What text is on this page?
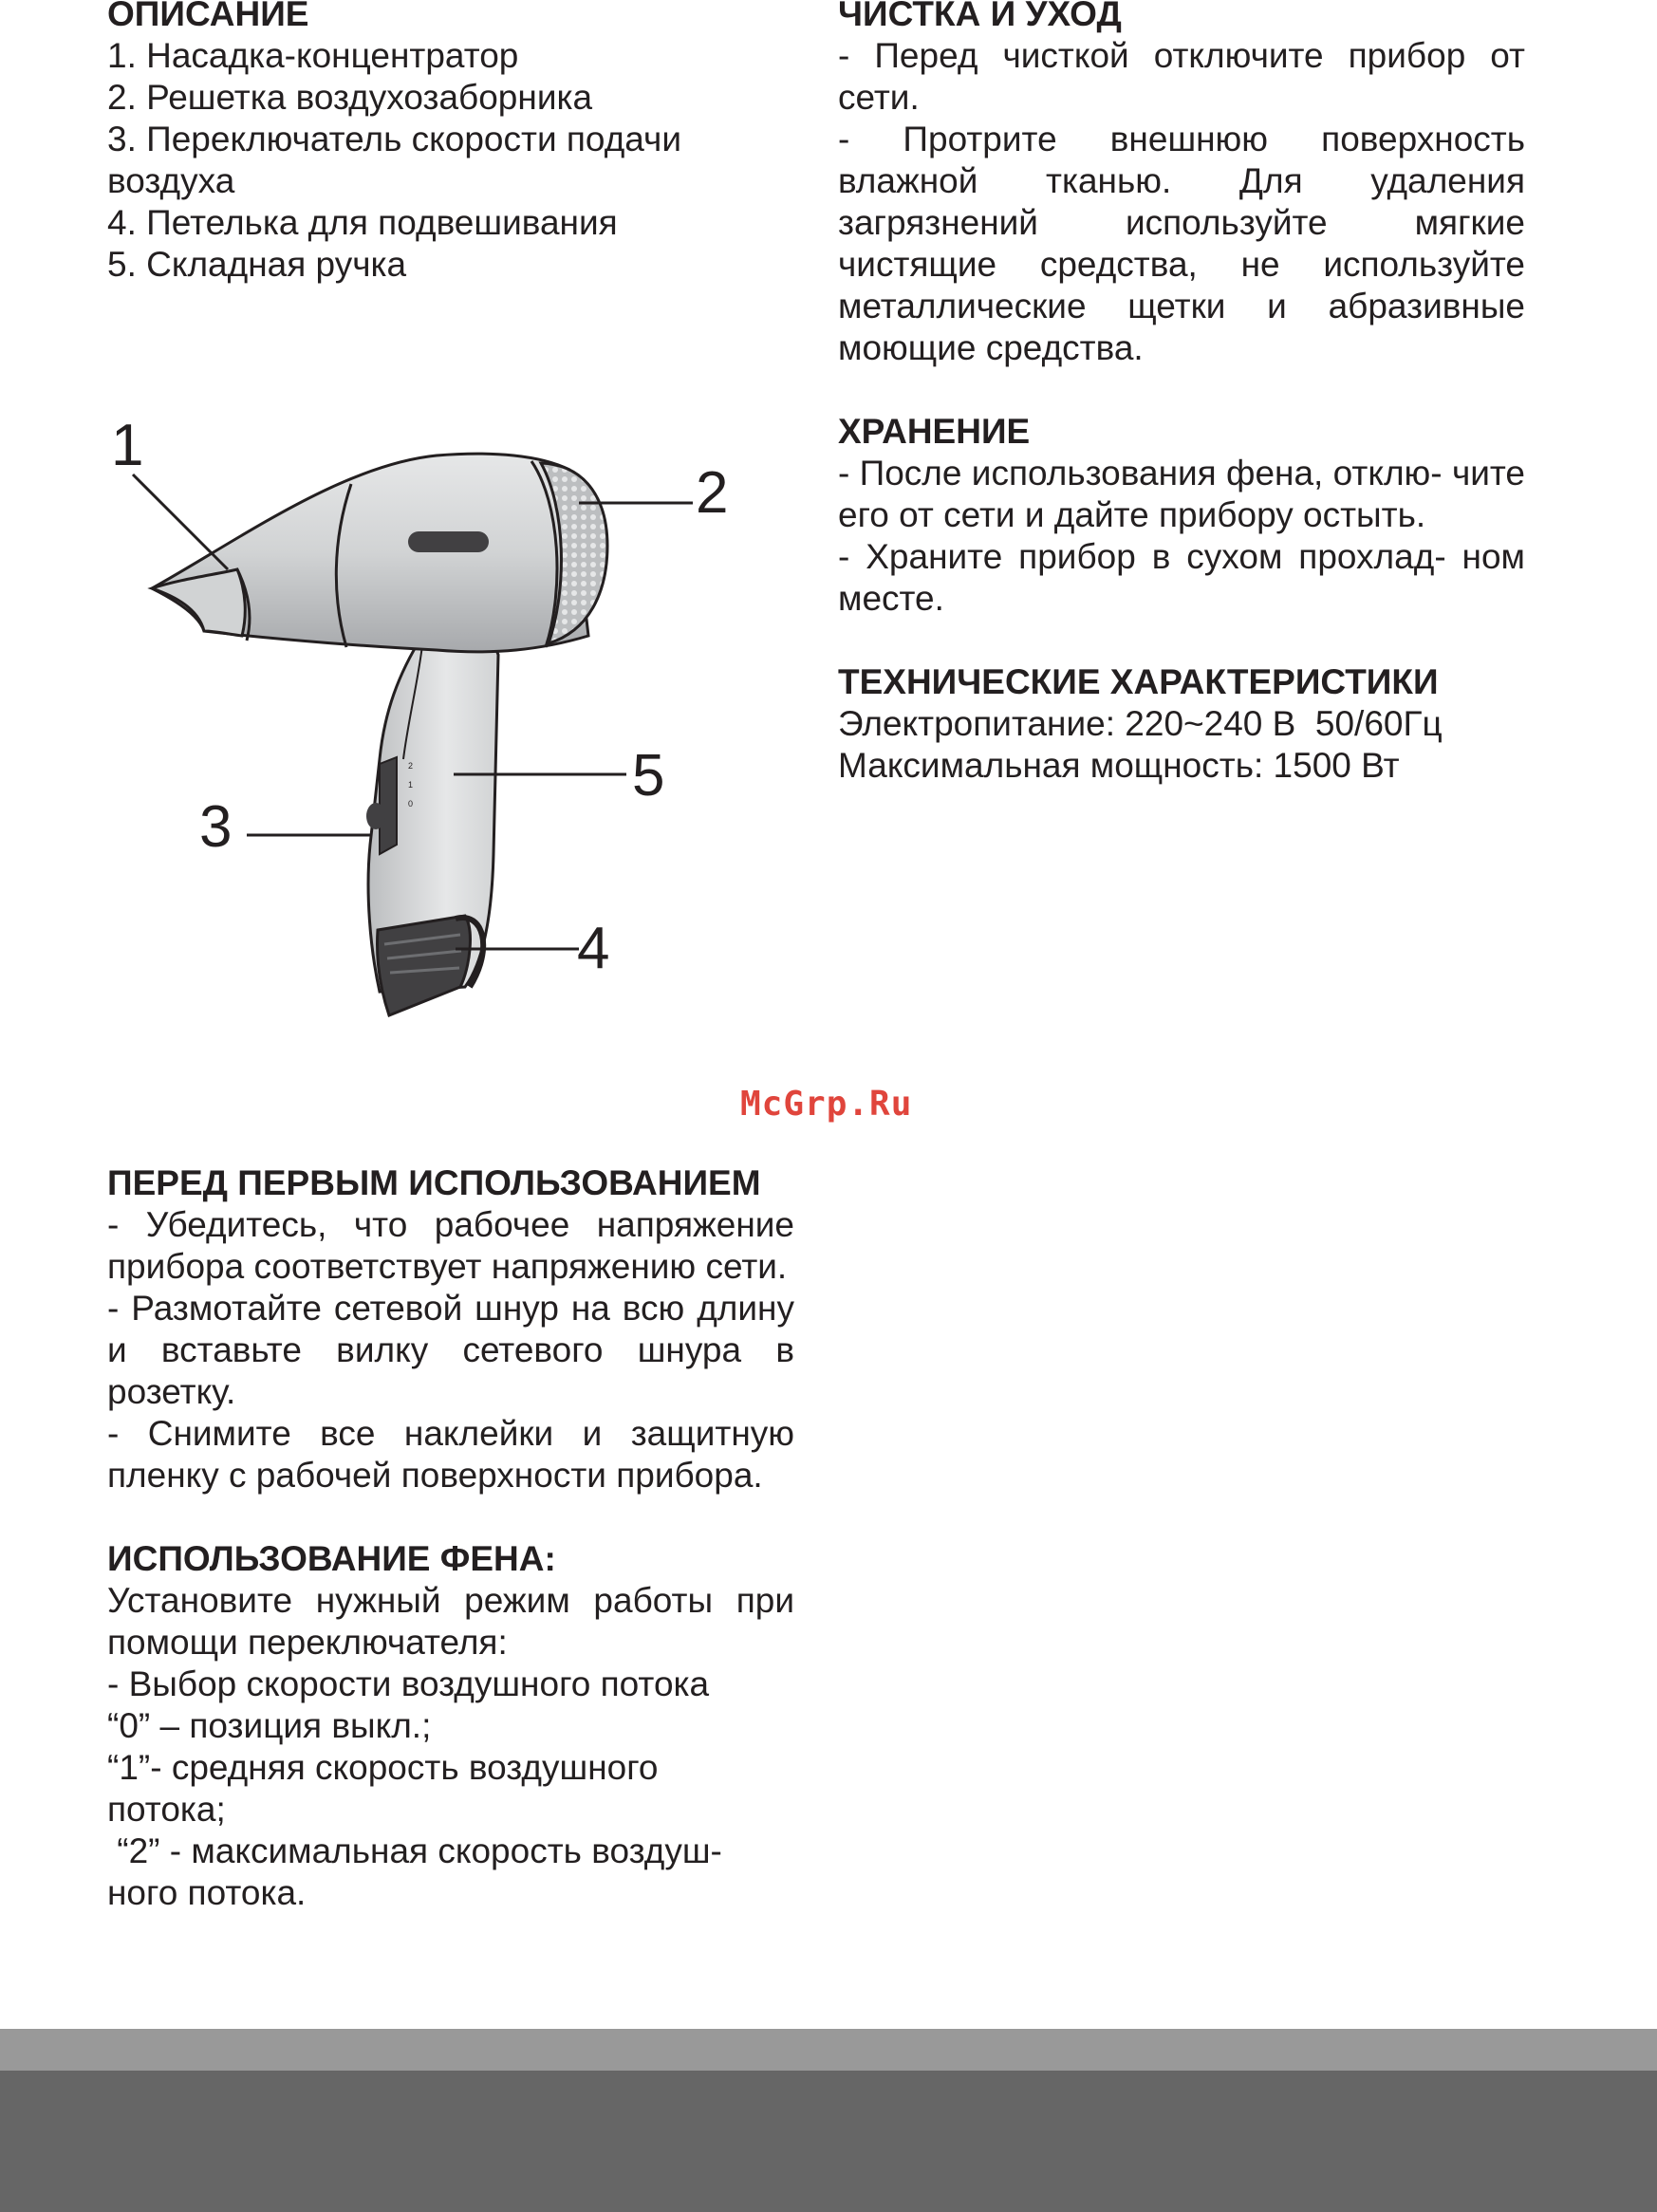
ОПИСАНИЕ

1. Насадка-концентратор

2. Решетка воздухозаборника

3. Переключатель скорости подачи

воздуха

4. Петелька для подвешивания

5. Складная ручка

ЧИСТКА И УХОД

- Перед чисткой отключите прибор от сети.

- Протрите внешнюю поверхность влажной тканью. Для удаления загрязнений используйте мягкие чистящие средства, не используйте металлические щетки и абразивные моющие средства.

ХРАНЕНИЕ

- После использования фена, отклю- чите его от сети и дайте прибору остыть.

- Храните прибор в сухом прохлад- ном месте.

ТЕХНИЧЕСКИЕ ХАРАКТЕРИСТИКИ

Электропитание: 220~240 В  50/60Гц

Максимальная мощность: 1500 Вт

2
1
0
1
2
3
4
5
McGrp.Ru

ПЕРЕД ПЕРВЫМ ИСПОЛЬЗОВАНИЕМ

- Убедитесь, что рабочее напряжение прибора соответствует напряжению сети.

- Размотайте сетевой шнур на всю длину и вставьте вилку сетевого шнура в розетку.

- Снимите все наклейки и защитную пленку с рабочей поверхности прибора.

ИСПОЛЬЗОВАНИЕ ФЕНА:

Установите нужный режим работы при помощи переключателя:

- Выбор скорости воздушного потока

“0” – позиция выкл.;

“1”- средняя скорость воздушного

потока;

“2” - максимальная скорость воздуш-

ного потока.
